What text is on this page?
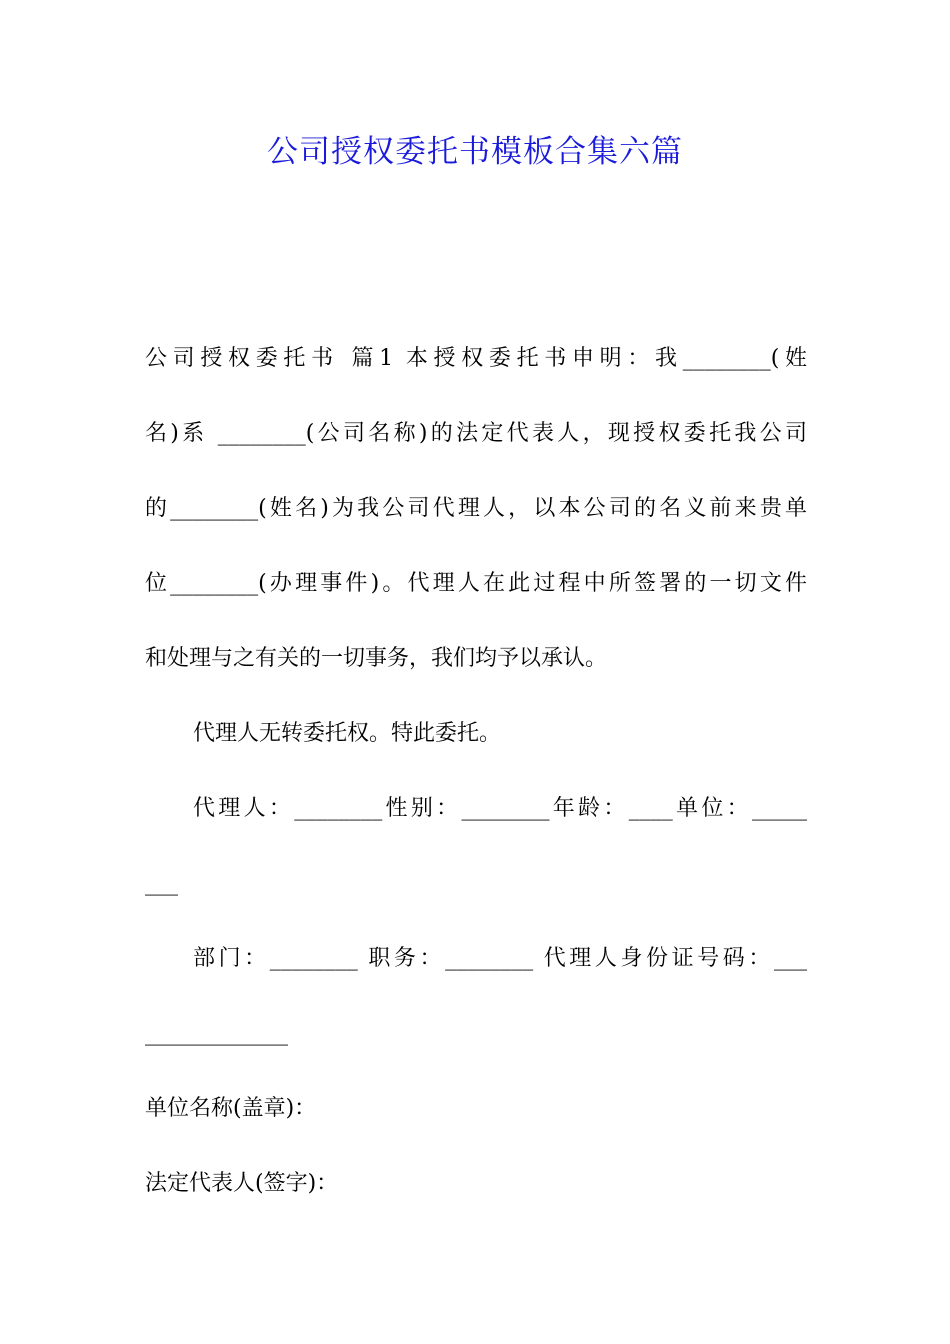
公司授权委托书模板合集六篇
公司授权委托书 篇1 本授权委托书申明：我________(姓
名)系 ________(公司名称)的法定代表人，现授权委托我公司
的________(姓名)为我公司代理人，以本公司的名义前来贵单
位________(办理事件)。代理人在此过程中所签署的一切文件
和处理与之有关的一切事务，我们均予以承认。
代理人无转委托权。特此委托。
代理人：________性别：________年龄：____单位：_____
___
部门：________ 职务：________ 代理人身份证号码：___
_____________
单位名称(盖章)：
法定代表人(签字)：
